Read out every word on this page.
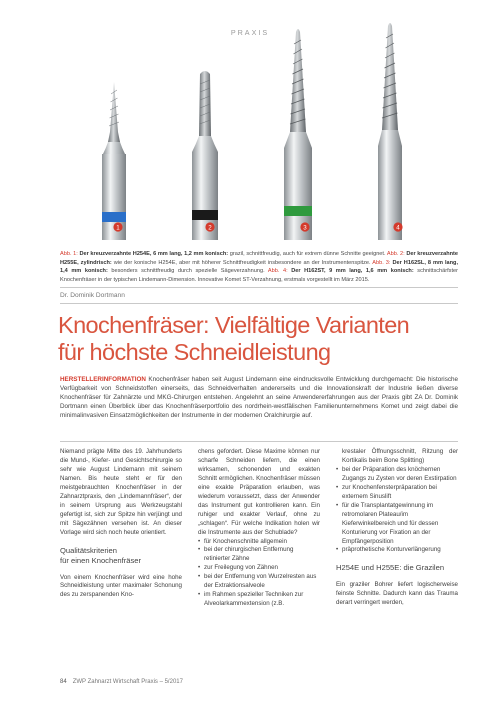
PRAXIS
1	2	3	4
Abb. 1: Der kreuzverzahnte H254E, 6 mm lang, 1,2 mm konisch: grazil, schnittfreudig, auch für extrem dünne Schnitte geeignet. Abb. 2: Der kreuzverzahnte H255E, zylindrisch: wie der konische H254E, aber mit höherer Schnittfreudigkeit insbesondere an der Instrumentenspitze. Abb. 3: Der H162SL, 8 mm lang, 1,4 mm konisch: besonders schnittfreudig durch spezielle Sägeverzahnung. Abb. 4: Der H162ST, 9 mm lang, 1,6 mm konisch: schnittschärfster Knochenfräser in der typischen Lindemann-Dimension. Innovative Komet ST-Verzahnung, erstmals vorgestellt im März 2015.
Dr. Dominik Dortmann
Knochenfräser: Vielfältige Varianten
für höchste Schneidleistung
HERSTELLERINFORMATION Knochenfräser haben seit August Lindemann eine eindrucksvolle Entwicklung durchgemacht: Die historische Verfügbarkeit von Schneidstoffen einerseits, das Schneidverhalten andererseits und die Innovationskraft der Industrie ließen diverse Knochenfräser für Zahnärzte und MKG-Chirurgen entstehen. Angelehnt an seine Anwendererfahrungen aus der Praxis gibt ZA Dr. Dominik Dortmann einen Überblick über das Knochenfräserportfolio des nordrhein-westfälischen Familienunternehmens Komet und zeigt dabei die minimalinvasiven Einsatzmöglichkeiten der Instrumente in der modernen Oralchirurgie auf.

Niemand prägte Mitte des 19. Jahrhunderts die Mund-, Kiefer- und Gesichtschirurgie so sehr wie August Lindemann mit seinem Namen. Bis heute steht er für den meistgebrauchten Knochenfräser in der Zahnarztpraxis, den „Lindemannfräser“, der in seinem Ursprung aus Werkzeugstahl gefertigt ist, sich zur Spitze hin verjüngt und mit Sägezähnen versehen ist. An dieser Vorlage wird sich noch heute orientiert.

Qualitätskriterien
für einen Knochenfräser

Von einem Knochenfräser wird eine hohe Schneidleistung unter maximaler Schonung des zu zerspanenden Kno-

chens gefordert. Diese Maxime können nur scharfe Schneiden liefern, die einen wirksamen, schonenden und exakten Schnitt ermöglichen. Knochenfräser müssen eine exakte Präparation erlauben, was wiederum voraussetzt, dass der Anwender das Instrument gut kontrollieren kann. Ein ruhiger und exakter Verlauf, ohne zu „schlagen“. Für welche Indikation holen wir die Instrumente aus der Schublade?

• für Knochenschnitte allgemein
• bei der chirurgischen Entfernung retinierter Zähne
• zur Freilegung von Zähnen
• bei der Entfernung von Wurzelresten aus der Extraktionsalveole
• im Rahmen spezieller Techniken zur Alveolarkammextension (z.B.

krestaler Öffnungsschnitt, Ritzung der Kortikalis beim Bone Splitting)

• bei der Präparation des knöchernen Zugangs zu Zysten vor deren Exstirpation
• zur Knochenfensterpräparation bei externem Sinuslift
• für die Transplantatgewinnung im retromolaren Plateau/im Kieferwinkelbereich und für dessen Konturierung vor Fixation an der Empfängerposition
• präprothetische Konturverlängerung
H254E und H255E: die Grazilen

Ein graziler Bohrer liefert logischerweise feinste Schnitte. Dadurch kann das Trauma derart verringert werden,

84 ZWP Zahnarzt Wirtschaft Praxis – 5/2017
